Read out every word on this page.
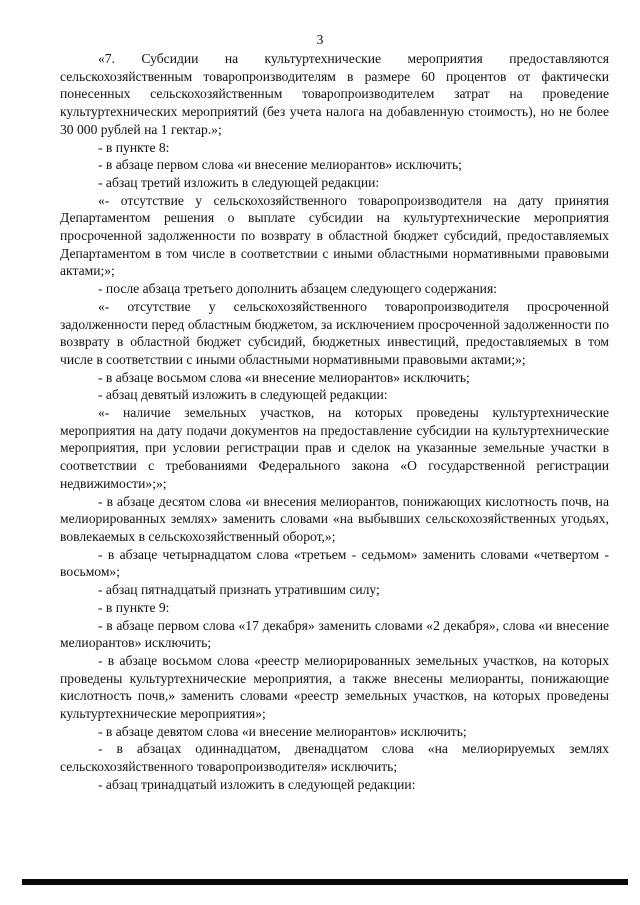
3

«7. Субсидии на культуртехнические мероприятия предоставляются сельскохозяйственным товаропроизводителям в размере 60 процентов от фактически понесенных сельскохозяйственным товаропроизводителем затрат на проведение культуртехнических мероприятий (без учета налога на добавленную стоимость), но не более 30 000 рублей на 1 гектар.»;

- в пункте 8:

- в абзаце первом слова «и внесение мелиорантов» исключить;

- абзац третий изложить в следующей редакции:

«- отсутствие у сельскохозяйственного товаропроизводителя на дату принятия Департаментом решения о выплате субсидии на культуртехнические мероприятия просроченной задолженности по возврату в областной бюджет субсидий, предоставляемых Департаментом в том числе в соответствии с иными областными нормативными правовыми актами;»;

- после абзаца третьего дополнить абзацем следующего содержания:

«- отсутствие у сельскохозяйственного товаропроизводителя просроченной задолженности перед областным бюджетом, за исключением просроченной задолженности по возврату в областной бюджет субсидий, бюджетных инвестиций, предоставляемых в том числе в соответствии с иными областными нормативными правовыми актами;»;

- в абзаце восьмом слова «и внесение мелиорантов» исключить;

- абзац девятый изложить в следующей редакции:

«- наличие земельных участков, на которых проведены культуртехнические мероприятия на дату подачи документов на предоставление субсидии на культуртехнические мероприятия, при условии регистрации прав и сделок на указанные земельные участки в соответствии с требованиями Федерального закона «О государственной регистрации недвижимости»;»;

- в абзаце десятом слова «и внесения мелиорантов, понижающих кислотность почв, на мелиорированных землях» заменить словами «на выбывших сельскохозяйственных угодьях, вовлекаемых в сельскохозяйственный оборот,»;

- в абзаце четырнадцатом слова «третьем - седьмом» заменить словами «четвертом - восьмом»;

- абзац пятнадцатый признать утратившим силу;

- в пункте 9:

- в абзаце первом слова «17 декабря» заменить словами «2 декабря», слова «и внесение мелиорантов» исключить;

- в абзаце восьмом слова «реестр мелиорированных земельных участков, на которых проведены культуртехнические мероприятия, а также внесены мелиоранты, понижающие кислотность почв,» заменить словами «реестр земельных участков, на которых проведены культуртехнические мероприятия»;

- в абзаце девятом слова «и внесение мелиорантов» исключить;

- в абзацах одиннадцатом, двенадцатом слова «на мелиорируемых землях сельскохозяйственного товаропроизводителя» исключить;

- абзац тринадцатый изложить в следующей редакции:
